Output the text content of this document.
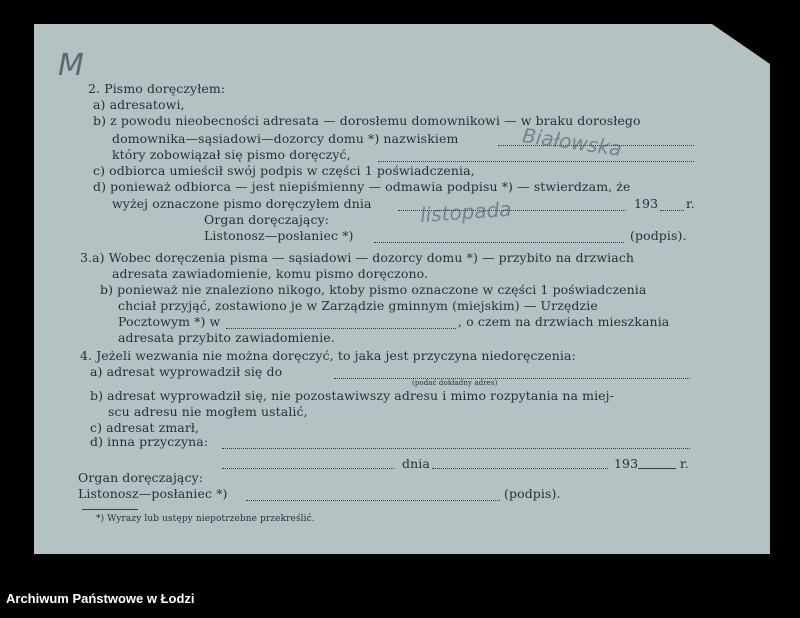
M
Białowska
listopada
2. Pismo doręczyłem:
a) adresatowi,
b) z powodu nieobecności adresata — dorosłemu domownikowi — w braku dorosłego
domownika—sąsiadowi—dozorcy domu *) nazwiskiem
który zobowiązał się pismo doręczyć,
c) odbiorca umieścił swój podpis w części 1 poświadczenia,
d) ponieważ odbiorca — jest niepiśmienny — odmawia podpisu *) — stwierdzam, że
wyżej oznaczone pismo doręczyłem dnia	193 r.
Organ doręczający:
Listonosz—posłaniec *)	(podpis).
3.a) Wobec doręczenia pisma — sąsiadowi — dozorcy domu *) — przybito na drzwiach
adresata zawiadomienie, komu pismo doręczono.
b) ponieważ nie znaleziono nikogo, ktoby pismo oznaczone w części 1 poświadczenia
chciał przyjąć, zostawiono je w Zarządzie gminnym (miejskim) — Urzędzie
Pocztowym *) w	, o czem na drzwiach mieszkania
adresata przybito zawiadomienie.
4. Jeżeli wezwania nie można doręczyć, to jaka jest przyczyna niedoręczenia:
a) adresat wyprowadził się do
(podać dokładny adres)
b) adresat wyprowadził się, nie pozostawiwszy adresu i mimo rozpytania na miej-
scu adresu nie mogłem ustalić,
c) adresat zmarł,
d) inna przyczyna:
dnia	193	r.
Organ doręczający:
Listonosz—posłaniec *)	(podpis).
*) Wyrazy lub ustępy niepotrzebne przekreślić.
Archiwum Państwowe w Łodzi
